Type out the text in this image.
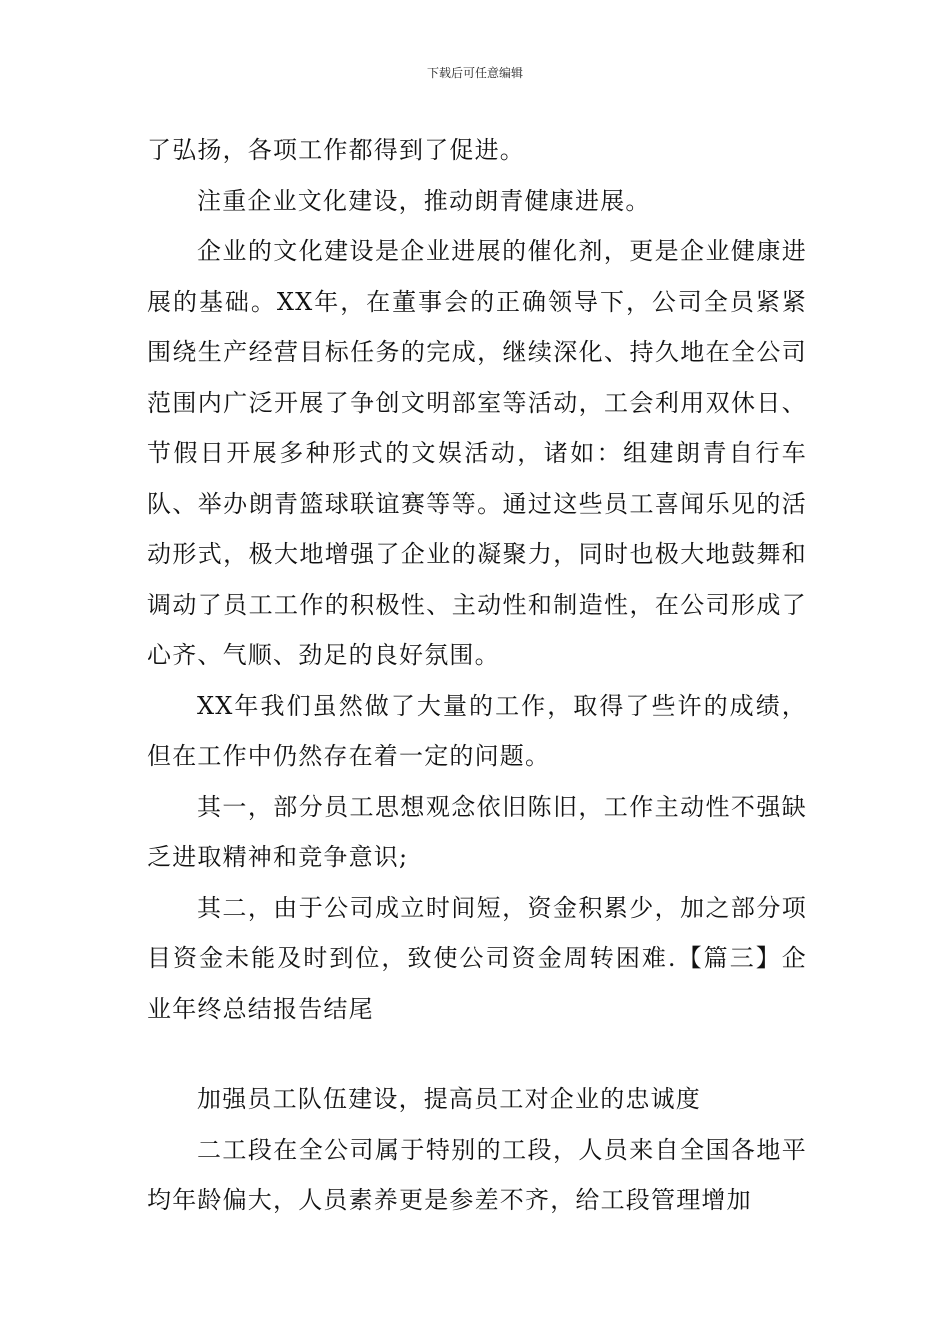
下载后可任意编辑

了弘扬，各项工作都得到了促进。

注重企业文化建设，推动朗青健康进展。

企业的文化建设是企业进展的催化剂，更是企业健康进展的基础。XX年，在董事会的正确领导下，公司全员紧紧围绕生产经营目标任务的完成，继续深化、持久地在全公司范围内广泛开展了争创文明部室等活动，工会利用双休日、节假日开展多种形式的文娱活动，诸如：组建朗青自行车队、举办朗青篮球联谊赛等等。通过这些员工喜闻乐见的活动形式，极大地增强了企业的凝聚力，同时也极大地鼓舞和调动了员工工作的积极性、主动性和制造性，在公司形成了心齐、气顺、劲足的良好氛围。

XX年我们虽然做了大量的工作，取得了些许的成绩，但在工作中仍然存在着一定的问题。

其一，部分员工思想观念依旧陈旧，工作主动性不强缺乏进取精神和竞争意识;

其二，由于公司成立时间短，资金积累少，加之部分项目资金未能及时到位，致使公司资金周转困难.【篇三】企业年终总结报告结尾

加强员工队伍建设，提高员工对企业的忠诚度

二工段在全公司属于特别的工段，人员来自全国各地平均年龄偏大，人员素养更是参差不齐，给工段管理增加
